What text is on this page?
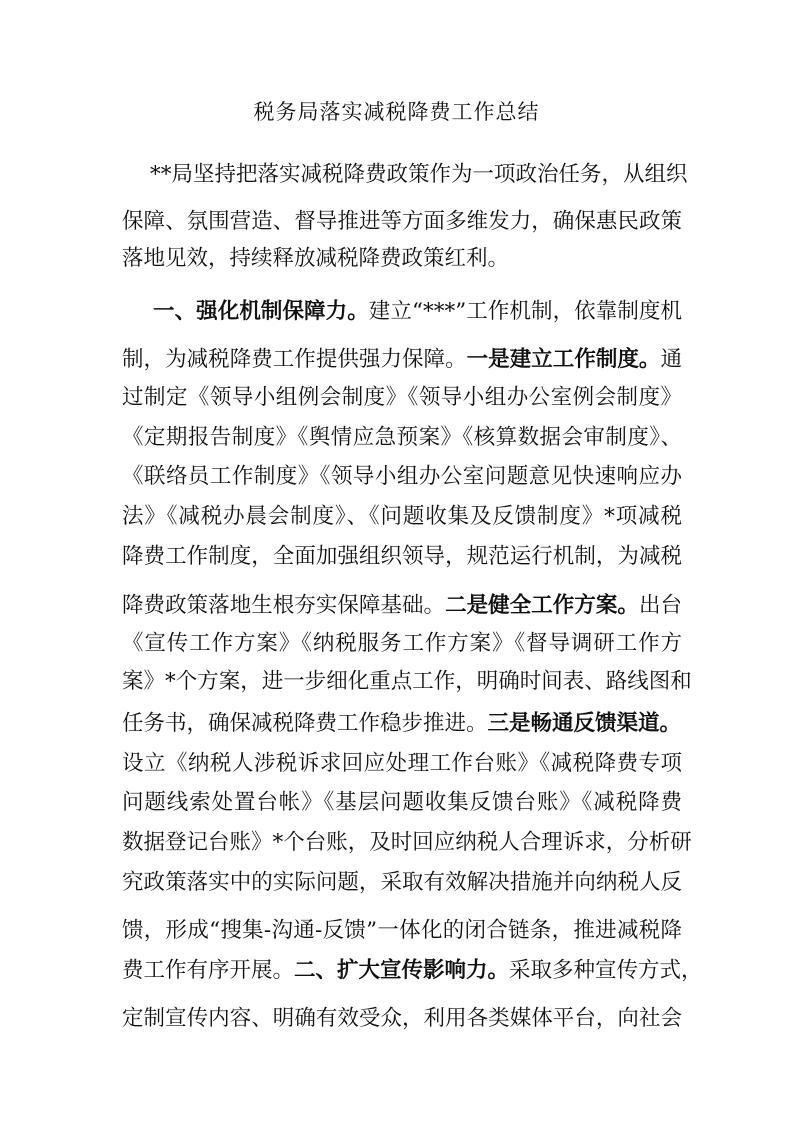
税务局落实减税降费工作总结
**局坚持把落实减税降费政策作为一项政治任务，从组织
保障、氛围营造、督导推进等方面多维发力，确保惠民政策
落地见效，持续释放减税降费政策红利。
一、强化机制保障力。建立“***”工作机制，依靠制度机
制，为减税降费工作提供强力保障。一是建立工作制度。通
过制定《领导小组例会制度》《领导小组办公室例会制度》
《定期报告制度》《舆情应急预案》《核算数据会审制度》、
《联络员工作制度》《领导小组办公室问题意见快速响应办
法》《减税办晨会制度》、《问题收集及反馈制度》*项减税
降费工作制度，全面加强组织领导，规范运行机制，为减税
降费政策落地生根夯实保障基础。二是健全工作方案。出台
《宣传工作方案》《纳税服务工作方案》《督导调研工作方
案》*个方案，进一步细化重点工作，明确时间表、路线图和
任务书，确保减税降费工作稳步推进。三是畅通反馈渠道。
设立《纳税人涉税诉求回应处理工作台账》《减税降费专项
问题线索处置台帐》《基层问题收集反馈台账》《减税降费
数据登记台账》*个台账，及时回应纳税人合理诉求，分析研
究政策落实中的实际问题，采取有效解决措施并向纳税人反
馈，形成“搜集-沟通-反馈”一体化的闭合链条，推进减税降
费工作有序开展。二、扩大宣传影响力。采取多种宣传方式，
定制宣传内容、明确有效受众，利用各类媒体平台，向社会
